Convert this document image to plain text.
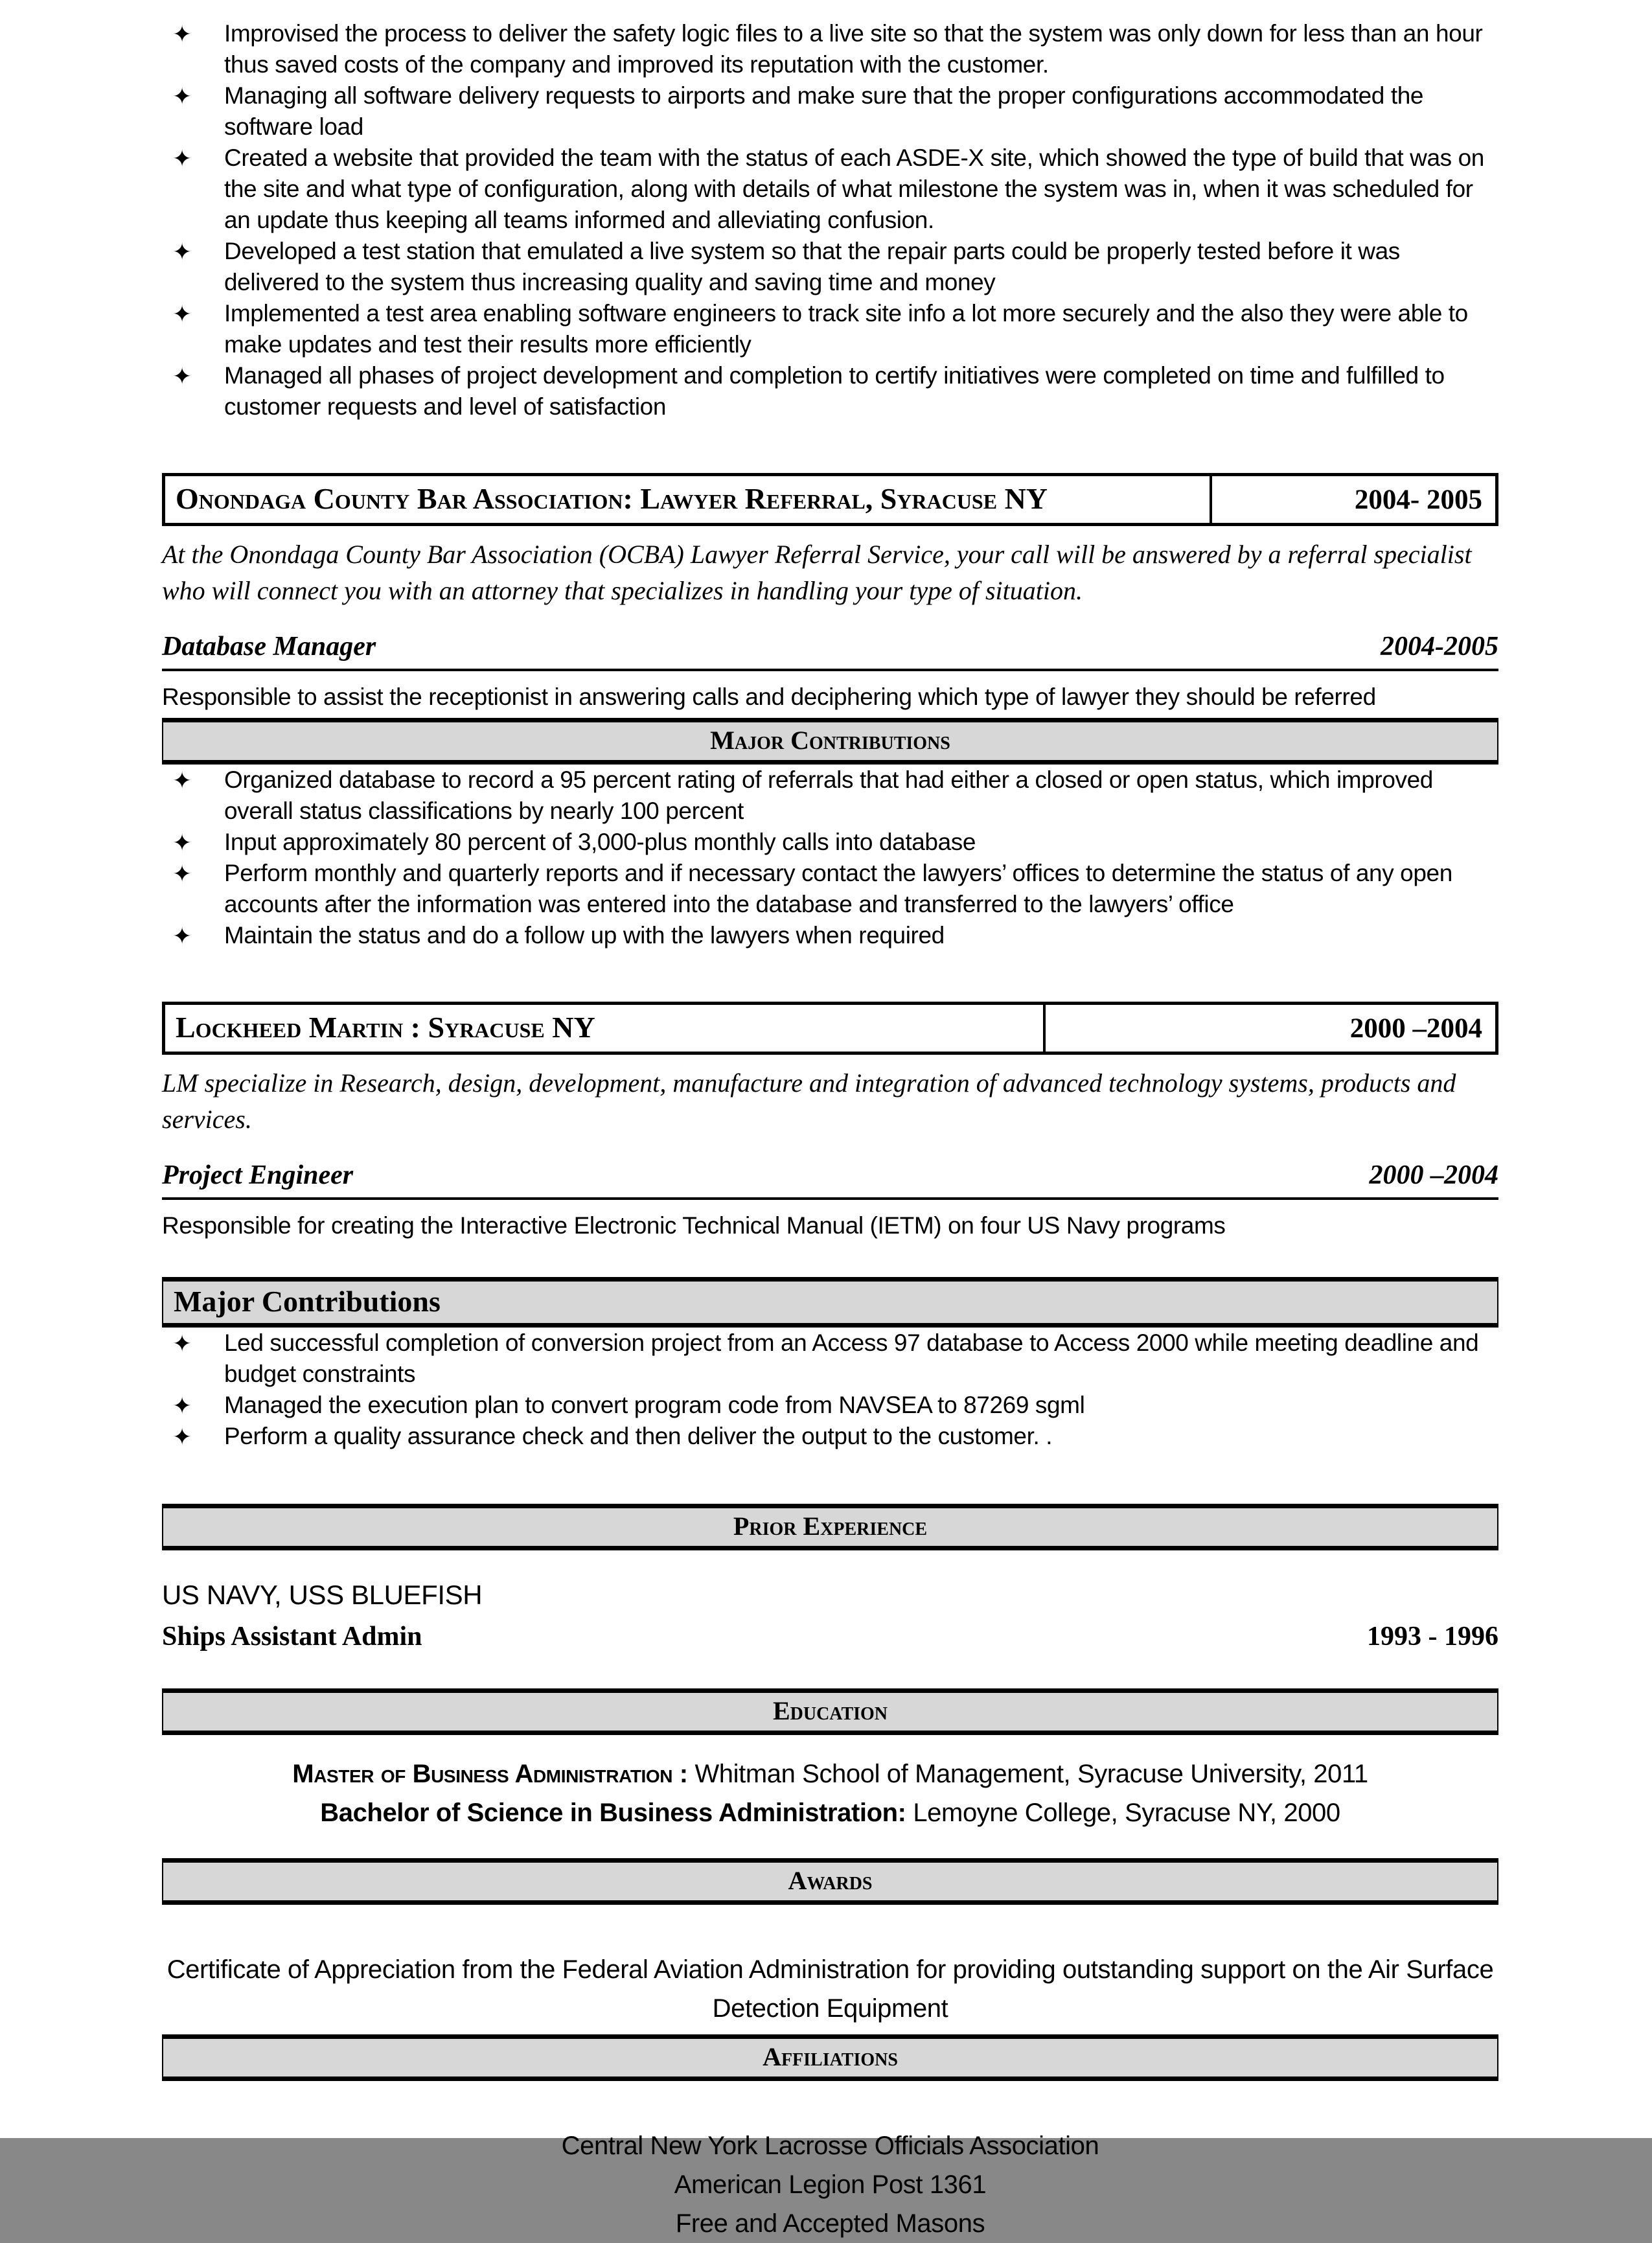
✦ Improvised the process to deliver the safety logic files to a live site so that the system was only down for less than an hour thus saved costs of the company and improved its reputation with the customer.
✦ Managing all software delivery requests to airports and make sure that the proper configurations accommodated the software load
✦ Created a website that provided the team with the status of each ASDE-X site, which showed the type of build that was on the site and what type of configuration, along with details of what milestone the system was in, when it was scheduled for an update thus keeping all teams informed and alleviating confusion.
✦ Developed a test station that emulated a live system so that the repair parts could be properly tested before it was delivered to the system thus increasing quality and saving time and money
✦ Implemented a test area enabling software engineers to track site info a lot more securely and the also they were able to make updates and test their results more efficiently
✦ Managed all phases of project development and completion to certify initiatives were completed on time and fulfilled to customer requests and level of satisfaction
Onondaga County Bar Association: Lawyer Referral, Syracuse NY	2004- 2005

At the Onondaga County Bar Association (OCBA) Lawyer Referral Service, your call will be answered by a referral specialist who will connect you with an attorney that specializes in handling your type of situation.

Database Manager	2004-2005

Responsible to assist the receptionist in answering calls and deciphering which type of lawyer they should be referred

Major Contributions
✦ Organized database to record a 95 percent rating of referrals that had either a closed or open status, which improved overall status classifications by nearly 100 percent
✦ Input approximately 80 percent of 3,000-plus monthly calls into database
✦ Perform monthly and quarterly reports and if necessary contact the lawyers’ offices to determine the status of any open accounts after the information was entered into the database and transferred to the lawyers’ office
✦ Maintain the status and do a follow up with the lawyers when required
Lockheed Martin : Syracuse NY	2000 –2004

LM specialize in Research, design, development, manufacture and integration of advanced technology systems, products and services.

Project Engineer	2000 –2004

Responsible for creating the Interactive Electronic Technical Manual (IETM) on four US Navy programs

Major Contributions
✦ Led successful completion of conversion project from an Access 97 database to Access 2000 while meeting deadline and budget constraints
✦ Managed the execution plan to convert program code from NAVSEA to 87269 sgml
✦ Perform a quality assurance check and then deliver the output to the customer. .
Prior Experience

US NAVY, USS BLUEFISH

Ships Assistant Admin	1993 - 1996
Education

Master of Business Administration : Whitman School of Management, Syracuse University, 2011

Bachelor of Science in Business Administration: Lemoyne College, Syracuse NY, 2000

Awards

Certificate of Appreciation from the Federal Aviation Administration for providing outstanding support on the Air Surface Detection Equipment

Affiliations

Central New York Lacrosse Officials Association

American Legion Post 1361

Free and Accepted Masons
